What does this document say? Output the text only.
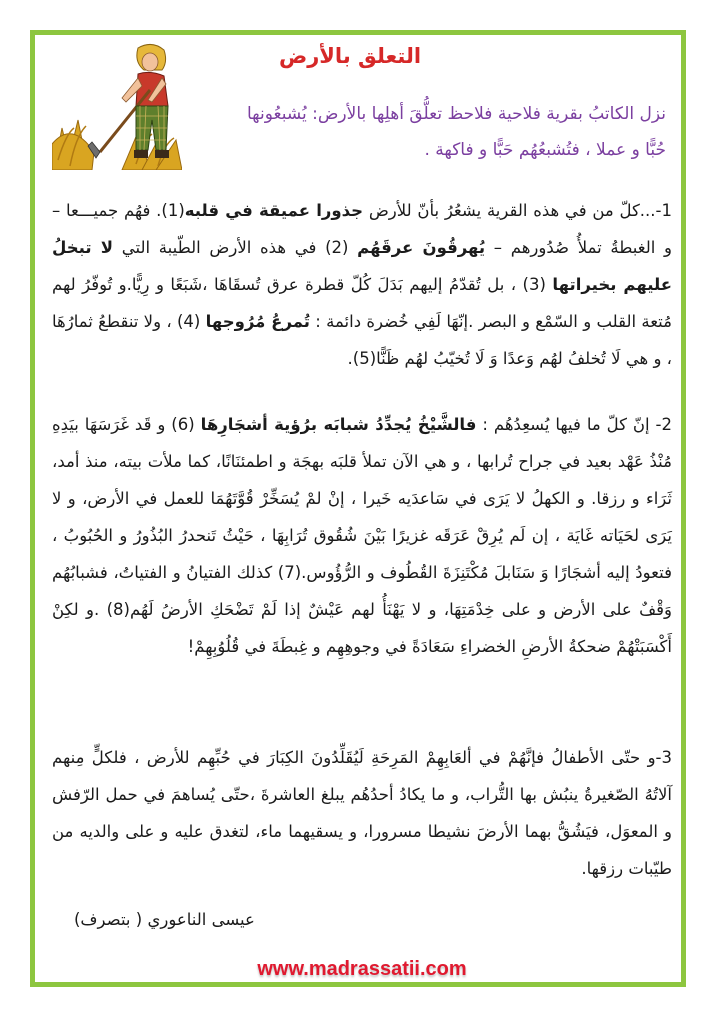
التعلق بالأرض

نزل الكاتبُ بقرية فلاحية فلاحظ تعلُّقَ أهلِها بالأرض: يُشبعُونها
حُبًّا و عملا ، فتُشبعُهُم حَبًّا و فاكهة .

1-...كلّ من في هذه القرية يشعُرُ بأنّ للأرض جذورا عميقة في قلبه(1). فهُم جميـــعا – و الغبطةُ تملأُ صُدُورهم – يُهرقُونَ عرقَهُم (2) في هذه الأرض الطّيبة التي لا تبخلُ عليهم بخيراتها (3) ، بل تُقدّمُ إليهم بَدَلَ كُلّ قطرة عرق تُسقَاهَا ،شَبَعًا و رِيًّا.و تُوفّرُ لهم مُتعة القلب و السّمْع و البصر .إنّهَا لَفِي خُضرة دائمة : تُمرعُ مُرُوجها (4) ، ولا تنقطعُ ثمارُهَا ، و هي لَا تُخلفُ لهُم وَعدًا وَ لَا تُخيّبُ لهُم ظَنًّا(5).

2- إنّ كلّ ما فيها يُسعِدُهُم : فالشَّيْخُ يُجدِّدُ شبابَه برُؤية أشجَارِهَا (6) و قَد غَرَسَهَا بيَدِهِ مُنْذُ عَهْد بعيد في جراح تُرابها ، و هي الآن تملأ قلبَه بهجَة و اطمئنَانًا، كما ملأت بيته، منذ أمد، ثَرَاء و رزقا. و الكهلُ لا يَرَى في سَاعدَيه خَيرا ، إنْ لمْ يُسَخِّرْ قُوَّتَهُمَا للعمل في الأرض، و لا يَرَى لحَيَاته غَايَة ، إن لَم يُرِقْ عَرَقَه غزيرًا بَيْنَ شُقُوق تُرَابِهَا ، حَيْثُ تَنحدرُ البُذُورُ و الحُبُوبُ ، فتعودُ إليه أشجَارًا وَ سَنَابلَ مُكْتَنِزَةَ القُطُوف و الرُّؤُوس.(7) كذلك الفتيانُ و الفتياتُ، فشبابُهُم وَقْفٌ على الأرض و على خِدْمَتِهَا، و لا يَهْنَأُ لهم عَيْشٌ إذا لَمْ تَضْحَكِ الأرضُ لَهُم(8) .و لكِنْ أَكْسَبَتْهُمْ ضحكةُ الأرضِ الخضراءِ سَعَادَةً في وجوهِهِم و غِبطَةَ في قُلُوُبِهِمْ!

3-و حتّى الأطفالُ فإنَّهُمْ في ألعَابِهِمْ المَرِحَةِ لَيُقَلِّدُونَ الكِبَارَ في حُبِّهِم للأرض ، فلكلٍّ مِنهم آلاتُهُ الصّغيرةُ ينبُش بها التُّراب، و ما يكادُ أحدُهُم يبلغ العاشرةَ ،حتّى يُساهمَ في حمل الرّفش و المعوَل، فيَشُقُّ بهما الأرضَ نشيطا مسرورا، و يسقيهما ماء، لتغدق عليه و على والديه من طيّبات رزقها.

عيسى الناعوري ( بتصرف)

www.madrassatii.com
